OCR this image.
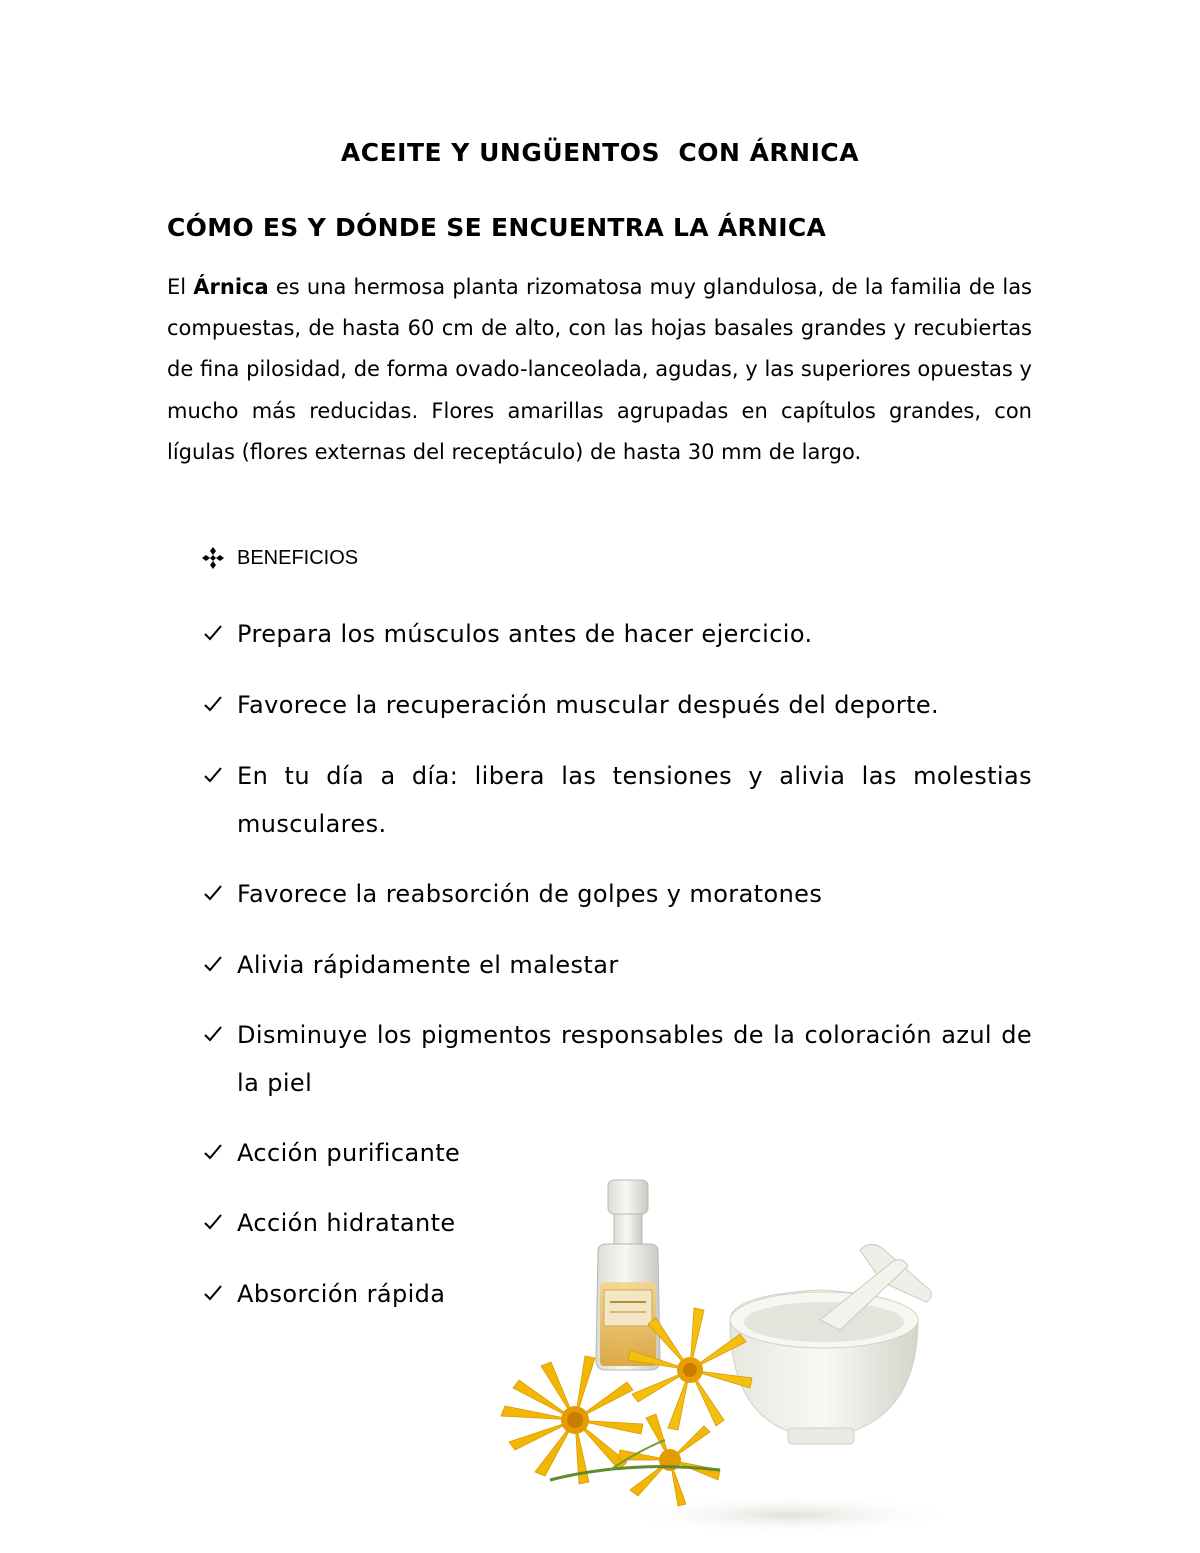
ACEITE Y UNGÜENTOS  CON ÁRNICA
CÓMO ES Y DÓNDE SE ENCUENTRA LA ÁRNICA

El Árnica es una hermosa planta rizomatosa muy glandulosa, de la familia de las compuestas, de hasta 60 cm de alto, con las hojas basales grandes y recubiertas de fina pilosidad, de forma ovado-lanceolada, agudas, y las superiores opuestas y mucho más reducidas. Flores amarillas agrupadas en capítulos grandes, con lígulas (flores externas del receptáculo) de hasta 30 mm de largo.

BENEFICIOS
Prepara los músculos antes de hacer ejercicio.
Favorece la recuperación muscular después del deporte.
En tu día a día: libera las tensiones y alivia las molestias musculares.
Favorece la reabsorción de golpes y moratones
Alivia rápidamente el malestar
Disminuye los pigmentos responsables de la coloración azul de la piel
Acción purificante
Acción hidratante
Absorción rápida
